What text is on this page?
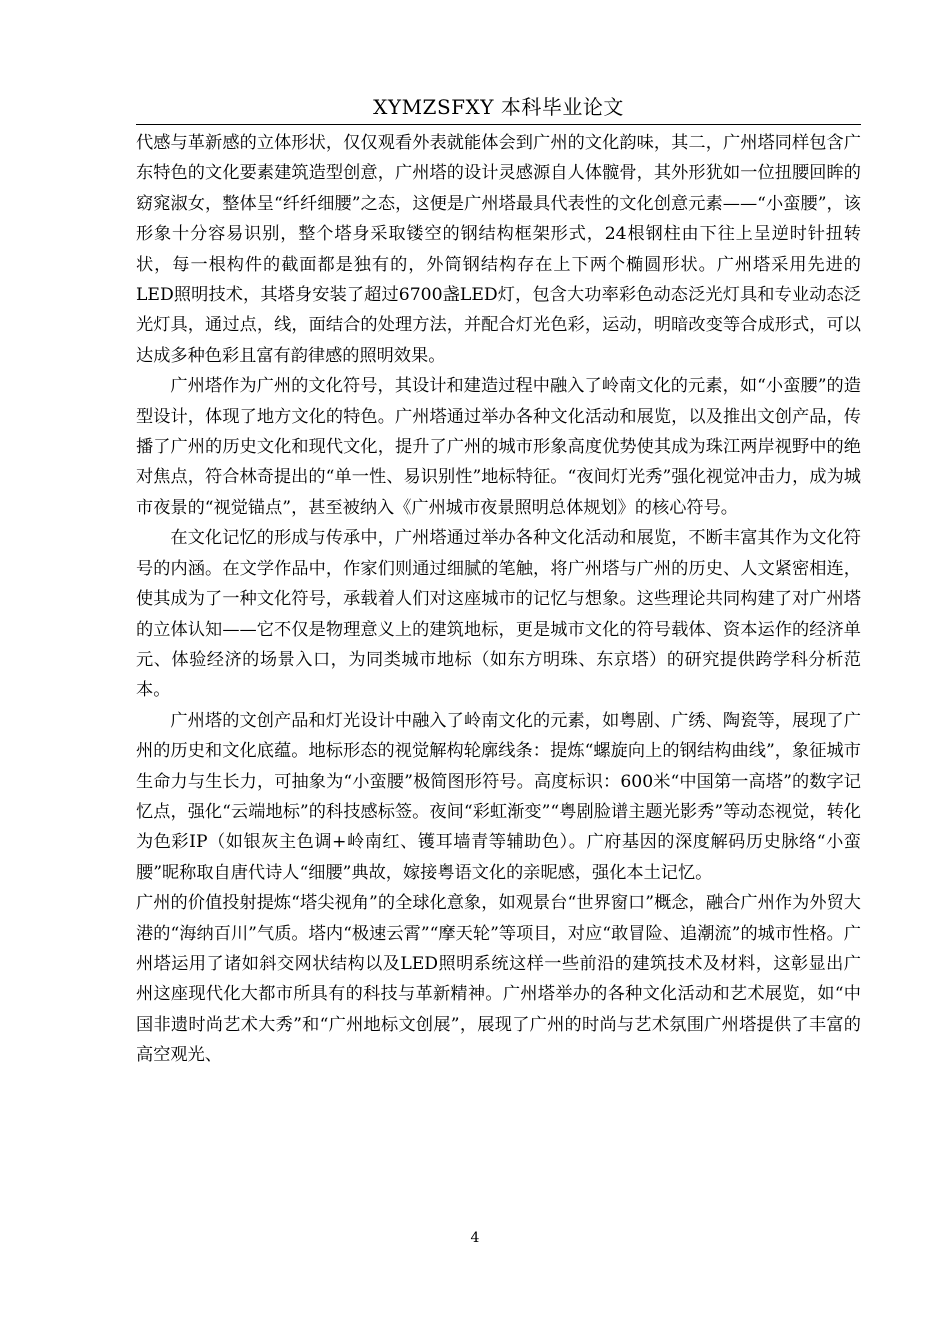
XYMZSFXY 本科毕业论文

代感与革新感的立体形状，仅仅观看外表就能体会到广州的文化韵味，其二，广州塔同样包含广东特色的文化要素建筑造型创意，广州塔的设计灵感源自人体髋骨，其外形犹如一位扭腰回眸的窈窕淑女，整体呈“纤纤细腰”之态，这便是广州塔最具代表性的文化创意元素——“小蛮腰”，该形象十分容易识别，整个塔身采取镂空的钢结构框架形式，24根钢柱由下往上呈逆时针扭转状，每一根构件的截面都是独有的，外筒钢结构存在上下两个椭圆形状。广州塔采用先进的LED照明技术，其塔身安装了超过6700盏LED灯，包含大功率彩色动态泛光灯具和专业动态泛光灯具，通过点，线，面结合的处理方法，并配合灯光色彩，运动，明暗改变等合成形式，可以达成多种色彩且富有韵律感的照明效果。

广州塔作为广州的文化符号，其设计和建造过程中融入了岭南文化的元素，如“小蛮腰”的造型设计，体现了地方文化的特色。广州塔通过举办各种文化活动和展览，以及推出文创产品，传播了广州的历史文化和现代文化，提升了广州的城市形象高度优势使其成为珠江两岸视野中的绝对焦点，符合林奇提出的“单一性、易识别性”地标特征。“夜间灯光秀”强化视觉冲击力，成为城市夜景的“视觉锚点”，甚至被纳入《广州城市夜景照明总体规划》的核心符号。

在文化记忆的形成与传承中，广州塔通过举办各种文化活动和展览，不断丰富其作为文化符号的内涵。在文学作品中，作家们则通过细腻的笔触，将广州塔与广州的历史、人文紧密相连，使其成为了一种文化符号，承载着人们对这座城市的记忆与想象。这些理论共同构建了对广州塔的立体认知——它不仅是物理意义上的建筑地标，更是城市文化的符号载体、资本运作的经济单元、体验经济的场景入口，为同类城市地标（如东方明珠、东京塔）的研究提供跨学科分析范本。

广州塔的文创产品和灯光设计中融入了岭南文化的元素，如粤剧、广绣、陶瓷等，展现了广州的历史和文化底蕴。地标形态的视觉解构轮廓线条：提炼“螺旋向上的钢结构曲线”，象征城市生命力与生长力，可抽象为“小蛮腰”极简图形符号。高度标识：600米“中国第一高塔”的数字记忆点，强化“云端地标”的科技感标签。夜间“彩虹渐变”“粤剧脸谱主题光影秀”等动态视觉，转化为色彩IP（如银灰主色调+岭南红、镬耳墙青等辅助色）。广府基因的深度解码历史脉络“小蛮腰”昵称取自唐代诗人“细腰”典故，嫁接粤语文化的亲昵感，强化本土记忆。

广州的价值投射提炼“塔尖视角”的全球化意象，如观景台“世界窗口”概念，融合广州作为外贸大港的“海纳百川”气质。塔内“极速云霄”“摩天轮”等项目，对应“敢冒险、追潮流”的城市性格。广州塔运用了诸如斜交网状结构以及LED照明系统这样一些前沿的建筑技术及材料，这彰显出广州这座现代化大都市所具有的科技与革新精神。广州塔举办的各种文化活动和艺术展览，如“中国非遗时尚艺术大秀”和“广州地标文创展”，展现了广州的时尚与艺术氛围广州塔提供了丰富的高空观光、

4
